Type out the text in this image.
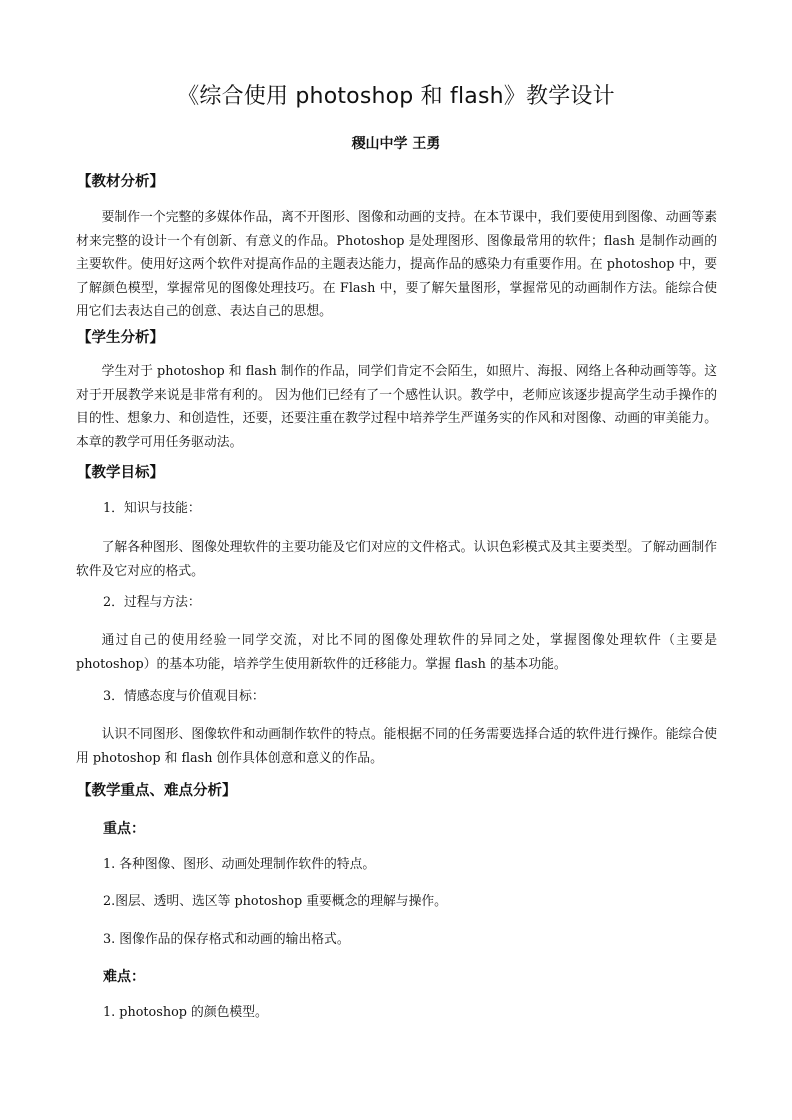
《综合使用 photoshop 和 flash》教学设计
稷山中学 王勇
【教材分析】

要制作一个完整的多媒体作品，离不开图形、图像和动画的支持。在本节课中，我们要使用到图像、动画等素材来完整的设计一个有创新、有意义的作品。Photoshop 是处理图形、图像最常用的软件；flash 是制作动画的主要软件。使用好这两个软件对提高作品的主题表达能力，提高作品的感染力有重要作用。在 photoshop 中，要了解颜色模型，掌握常见的图像处理技巧。在 Flash 中，要了解矢量图形，掌握常见的动画制作方法。能综合使用它们去表达自己的创意、表达自己的思想。

【学生分析】

学生对于 photoshop 和 flash 制作的作品，同学们肯定不会陌生，如照片、海报、网络上各种动画等等。这对于开展教学来说是非常有利的。 因为他们已经有了一个感性认识。教学中，老师应该逐步提高学生动手操作的目的性、想象力、和创造性，还要，还要注重在教学过程中培养学生严谨务实的作风和对图像、动画的审美能力。本章的教学可用任务驱动法。

【教学目标】
1．知识与技能：

了解各种图形、图像处理软件的主要功能及它们对应的文件格式。认识色彩模式及其主要类型。了解动画制作软件及它对应的格式。

2．过程与方法：

通过自己的使用经验一同学交流，对比不同的图像处理软件的异同之处，掌握图像处理软件（主要是 photoshop）的基本功能，培养学生使用新软件的迁移能力。掌握 flash 的基本功能。

3．情感态度与价值观目标：

认识不同图形、图像软件和动画制作软件的特点。能根据不同的任务需要选择合适的软件进行操作。能综合使用 photoshop 和 flash 创作具体创意和意义的作品。

【教学重点、难点分析】
重点：
1. 各种图像、图形、动画处理制作软件的特点。
2.图层、透明、选区等 photoshop 重要概念的理解与操作。
3. 图像作品的保存格式和动画的输出格式。
难点：
1. photoshop 的颜色模型。
